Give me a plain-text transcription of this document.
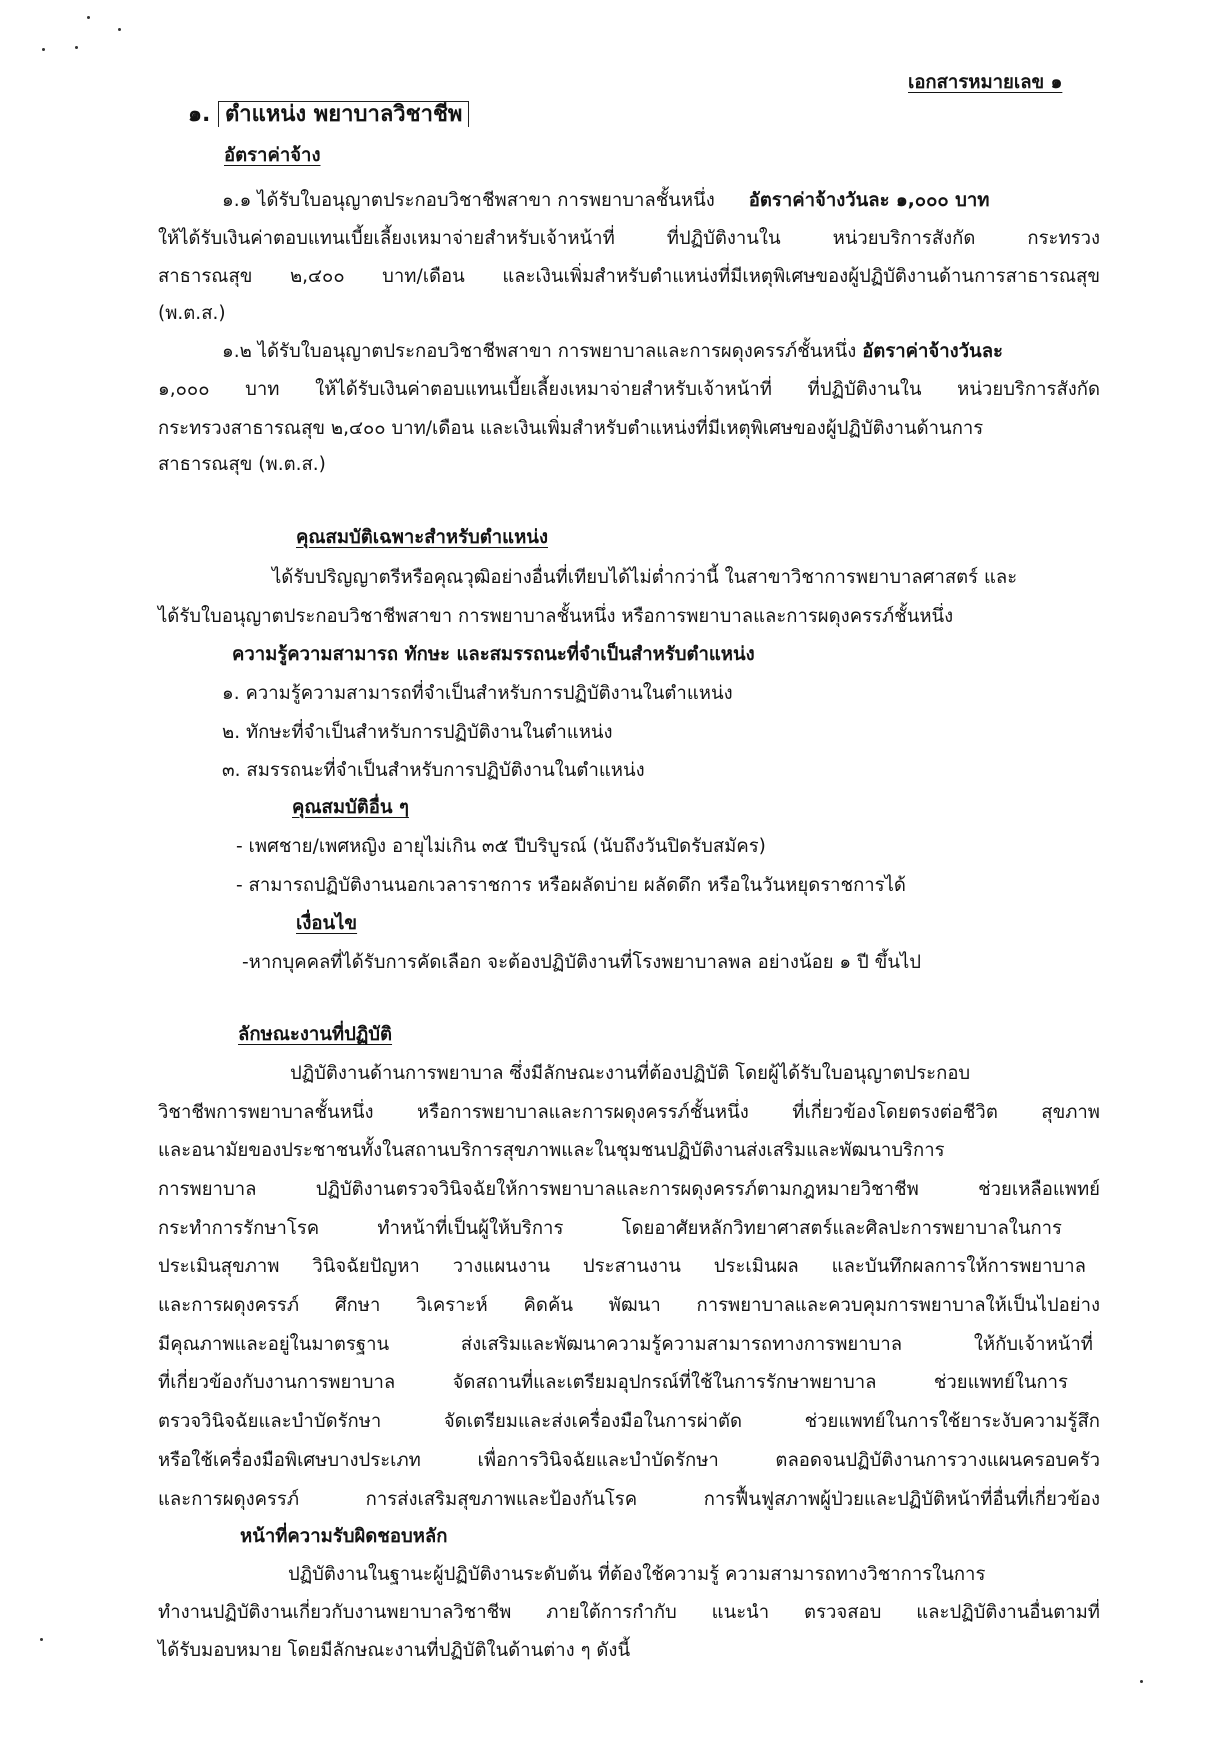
เอกสารหมายเลข ๑
๑. ตำแหน่ง พยาบาลวิชาชีพ
อัตราค่าจ้าง
๑.๑ ได้รับใบอนุญาตประกอบวิชาชีพสาขา การพยาบาลชั้นหนึ่ง อัตราค่าจ้างวันละ ๑,๐๐๐ บาท
ให้ได้รับเงินค่าตอบแทนเบี้ยเลี้ยงเหมาจ่ายสำหรับเจ้าหน้าที่ ที่ปฏิบัติงานใน หน่วยบริการสังกัด กระทรวง
สาธารณสุข ๒,๔๐๐ บาท/เดือน และเงินเพิ่มสำหรับตำแหน่งที่มีเหตุพิเศษของผู้ปฏิบัติงานด้านการสาธารณสุข
(พ.ต.ส.)
๑.๒ ได้รับใบอนุญาตประกอบวิชาชีพสาขา การพยาบาลและการผดุงครรภ์ชั้นหนึ่ง อัตราค่าจ้างวันละ
๑,๐๐๐ บาท ให้ได้รับเงินค่าตอบแทนเบี้ยเลี้ยงเหมาจ่ายสำหรับเจ้าหน้าที่ ที่ปฏิบัติงานใน หน่วยบริการสังกัด
กระทรวงสาธารณสุข ๒,๔๐๐ บาท/เดือน และเงินเพิ่มสำหรับตำแหน่งที่มีเหตุพิเศษของผู้ปฏิบัติงานด้านการ
สาธารณสุข (พ.ต.ส.)
คุณสมบัติเฉพาะสำหรับตำแหน่ง
ได้รับปริญญาตรีหรือคุณวุฒิอย่างอื่นที่เทียบได้ไม่ต่ำกว่านี้ ในสาขาวิชาการพยาบาลศาสตร์ และ
ได้รับใบอนุญาตประกอบวิชาชีพสาขา การพยาบาลชั้นหนึ่ง หรือการพยาบาลและการผดุงครรภ์ชั้นหนึ่ง
ความรู้ความสามารถ ทักษะ และสมรรถนะที่จำเป็นสำหรับตำแหน่ง
๑. ความรู้ความสามารถที่จำเป็นสำหรับการปฏิบัติงานในตำแหน่ง
๒. ทักษะที่จำเป็นสำหรับการปฏิบัติงานในตำแหน่ง
๓. สมรรถนะที่จำเป็นสำหรับการปฏิบัติงานในตำแหน่ง
คุณสมบัติอื่น ๆ
- เพศชาย/เพศหญิง อายุไม่เกิน ๓๕ ปีบริบูรณ์ (นับถึงวันปิดรับสมัคร)
- สามารถปฏิบัติงานนอกเวลาราชการ หรือผลัดบ่าย ผลัดดึก หรือในวันหยุดราชการได้
เงื่อนไข
-หากบุคคลที่ได้รับการคัดเลือก จะต้องปฏิบัติงานที่โรงพยาบาลพล อย่างน้อย ๑ ปี ขึ้นไป
ลักษณะงานที่ปฏิบัติ
ปฏิบัติงานด้านการพยาบาล ซึ่งมีลักษณะงานที่ต้องปฏิบัติ โดยผู้ได้รับใบอนุญาตประกอบ
วิชาชีพการพยาบาลชั้นหนึ่ง หรือการพยาบาลและการผดุงครรภ์ชั้นหนึ่ง ที่เกี่ยวข้องโดยตรงต่อชีวิต สุขภาพ
และอนามัยของประชาชนทั้งในสถานบริการสุขภาพและในชุมชนปฏิบัติงานส่งเสริมและพัฒนาบริการ
การพยาบาล ปฏิบัติงานตรวจวินิจฉัยให้การพยาบาลและการผดุงครรภ์ตามกฎหมายวิชาชีพ ช่วยเหลือแพทย์
กระทำการรักษาโรค ทำหน้าที่เป็นผู้ให้บริการ โดยอาศัยหลักวิทยาศาสตร์และศิลปะการพยาบาลในการ
ประเมินสุขภาพ วินิจฉัยปัญหา วางแผนงาน ประสานงาน ประเมินผล และบันทึกผลการให้การพยาบาล
และการผดุงครรภ์ ศึกษา วิเคราะห์ คิดค้น พัฒนา การพยาบาลและควบคุมการพยาบาลให้เป็นไปอย่าง
มีคุณภาพและอยู่ในมาตรฐาน ส่งเสริมและพัฒนาความรู้ความสามารถทางการพยาบาล ให้กับเจ้าหน้าที่
ที่เกี่ยวข้องกับงานการพยาบาล จัดสถานที่และเตรียมอุปกรณ์ที่ใช้ในการรักษาพยาบาล ช่วยแพทย์ในการ
ตรวจวินิจฉัยและบำบัดรักษา จัดเตรียมและส่งเครื่องมือในการผ่าตัด ช่วยแพทย์ในการใช้ยาระงับความรู้สึก
หรือใช้เครื่องมือพิเศษบางประเภท เพื่อการวินิจฉัยและบำบัดรักษา ตลอดจนปฏิบัติงานการวางแผนครอบครัว
และการผดุงครรภ์ การส่งเสริมสุขภาพและป้องกันโรค การฟื้นฟูสภาพผู้ป่วยและปฏิบัติหน้าที่อื่นที่เกี่ยวข้อง
หน้าที่ความรับผิดชอบหลัก
ปฏิบัติงานในฐานะผู้ปฏิบัติงานระดับต้น ที่ต้องใช้ความรู้ ความสามารถทางวิชาการในการ
ทำงานปฏิบัติงานเกี่ยวกับงานพยาบาลวิชาชีพ ภายใต้การกำกับ แนะนำ ตรวจสอบ และปฏิบัติงานอื่นตามที่
ได้รับมอบหมาย โดยมีลักษณะงานที่ปฏิบัติในด้านต่าง ๆ ดังนี้
